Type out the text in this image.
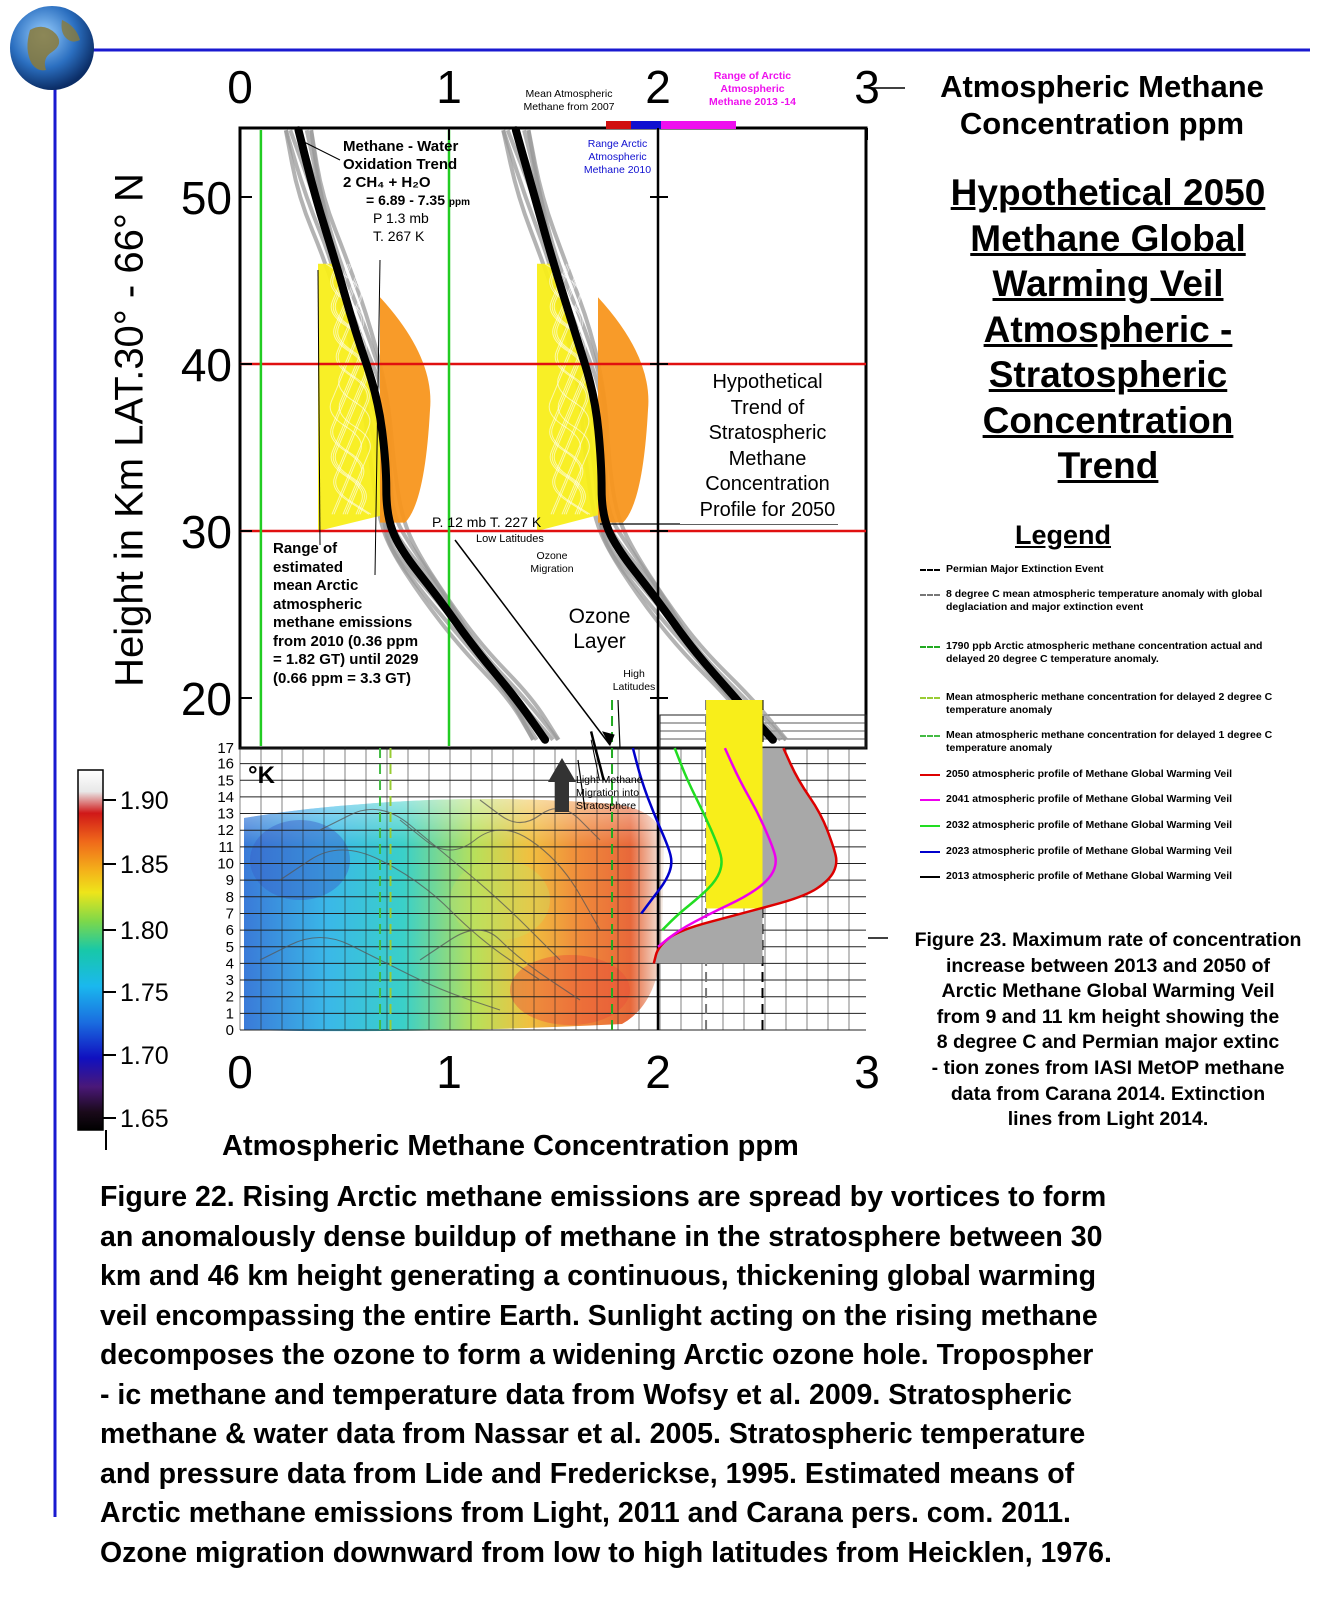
1.90
1.85
1.80
1.75
1.70
1.65
0
0
1
1
2
2
3
3
20
30
40
50
0
1
2
3
4
5
6
7
8
9
10
11
12
13
14
15
16
17
Height in Km LAT.30° - 66° N
Atmospheric Methane Concentration ppm
Atmospheric Methane Concentration ppm
Hypothetical 2050
Methane Global
Warming Veil
Atmospheric -
Stratospheric
Concentration
Trend
Legend
Permian Major Extinction Event
8 degree C mean atmospheric temperature anomaly with global deglaciation and major extinction event
1790 ppb Arctic atmospheric methane concentration actual and delayed 20 degree C temperature anomaly.
Mean atmospheric methane concentration for delayed 2 degree C temperature anomaly
Mean atmospheric methane concentration for delayed 1 degree C temperature anomaly
2050 atmospheric profile of Methane Global Warming Veil
2041 atmospheric profile of Methane Global Warming Veil
2032 atmospheric profile of Methane Global Warming Veil
2023 atmospheric profile of Methane Global Warming Veil
2013 atmospheric profile of Methane Global Warming Veil
Figure 23. Maximum rate of concentration
increase between 2013 and 2050 of
Arctic Methane Global Warming Veil
from 9 and 11 km height showing the
8 degree C and Permian major extinc
- tion zones from IASI MetOP methane
data from Carana 2014. Extinction
lines from Light 2014.
Figure 22. Rising Arctic methane emissions are spread by vortices to form
an anomalously dense buildup of methane in the stratosphere between 30
km and 46 km height generating a continuous, thickening global warming
veil encompassing the entire Earth. Sunlight acting on the rising methane
decomposes the ozone to form a widening Arctic ozone hole. Tropospher
- ic methane and temperature data from Wofsy et al. 2009. Stratospheric
methane & water data from Nassar et al. 2005. Stratospheric temperature
and pressure data from Lide and Fredericksе, 1995. Estimated means of
Arctic methane emissions from Light, 2011 and Carana pers. com. 2011.
Ozone migration downward from low to high latitudes from Heicklen, 1976.
Methane - Water
Oxidation Trend
2 CH₄ + H₂O
= 6.89 - 7.35 ppm
P 1.3 mb
T. 267 K
P. 12 mb T. 227 K
Low Latitudes
Ozone Migration
Ozone Layer
High Latitudes
Light Methane Migration into Stratosphere
Mean Atmospheric Methane from 2007
Range Arctic Atmospheric Methane 2010
Range of Arctic Atmospheric Methane 2013 -14
°K
Hypothetical
Trend of
Stratospheric
Methane
Concentration
Profile for 2050
Range of
estimated
mean Arctic
atmospheric
methane emissions
from 2010 (0.36 ppm
= 1.82 GT) until 2029
(0.66 ppm = 3.3 GT)
